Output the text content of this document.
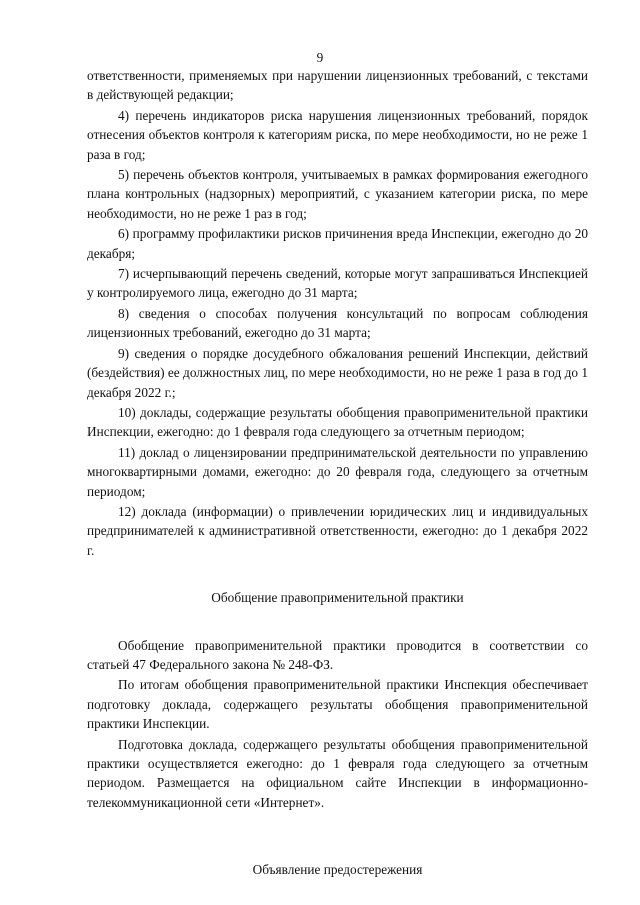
9

ответственности, применяемых при нарушении лицензионных требований, с текстами в действующей редакции;

4) перечень индикаторов риска нарушения лицензионных требований, порядок отнесения объектов контроля к категориям риска, по мере необходимости, но не реже 1 раза в год;

5) перечень объектов контроля, учитываемых в рамках формирования ежегодного плана контрольных (надзорных) мероприятий, с указанием категории риска, по мере необходимости, но не реже 1 раз в год;

6) программу профилактики рисков причинения вреда Инспекции, ежегодно до 20 декабря;

7) исчерпывающий перечень сведений, которые могут запрашиваться Инспекцией у контролируемого лица, ежегодно до 31 марта;

8) сведения о способах получения консультаций по вопросам соблюдения лицензионных требований, ежегодно до 31 марта;

9) сведения о порядке досудебного обжалования решений Инспекции, действий (бездействия) ее должностных лиц, по мере необходимости, но не реже 1 раза в год до 1 декабря 2022 г.;

10) доклады, содержащие результаты обобщения правоприменительной практики Инспекции, ежегодно: до 1 февраля года следующего за отчетным периодом;

11) доклад о лицензировании предпринимательской деятельности по управлению многоквартирными домами, ежегодно: до 20 февраля года, следующего за отчетным периодом;

12) доклада (информации) о привлечении юридических лиц и индивидуальных предпринимателей к административной ответственности, ежегодно: до 1 декабря 2022 г.

Обобщение правоприменительной практики

Обобщение правоприменительной практики проводится в соответствии со статьей 47 Федерального закона № 248-ФЗ.

По итогам обобщения правоприменительной практики Инспекция обеспечивает подготовку доклада, содержащего результаты обобщения правоприменительной практики Инспекции.

Подготовка доклада, содержащего результаты обобщения правоприменительной практики осуществляется ежегодно: до 1 февраля года следующего за отчетным периодом. Размещается на официальном сайте Инспекции в информационно-телекоммуникационной сети «Интернет».

Объявление предостережения
